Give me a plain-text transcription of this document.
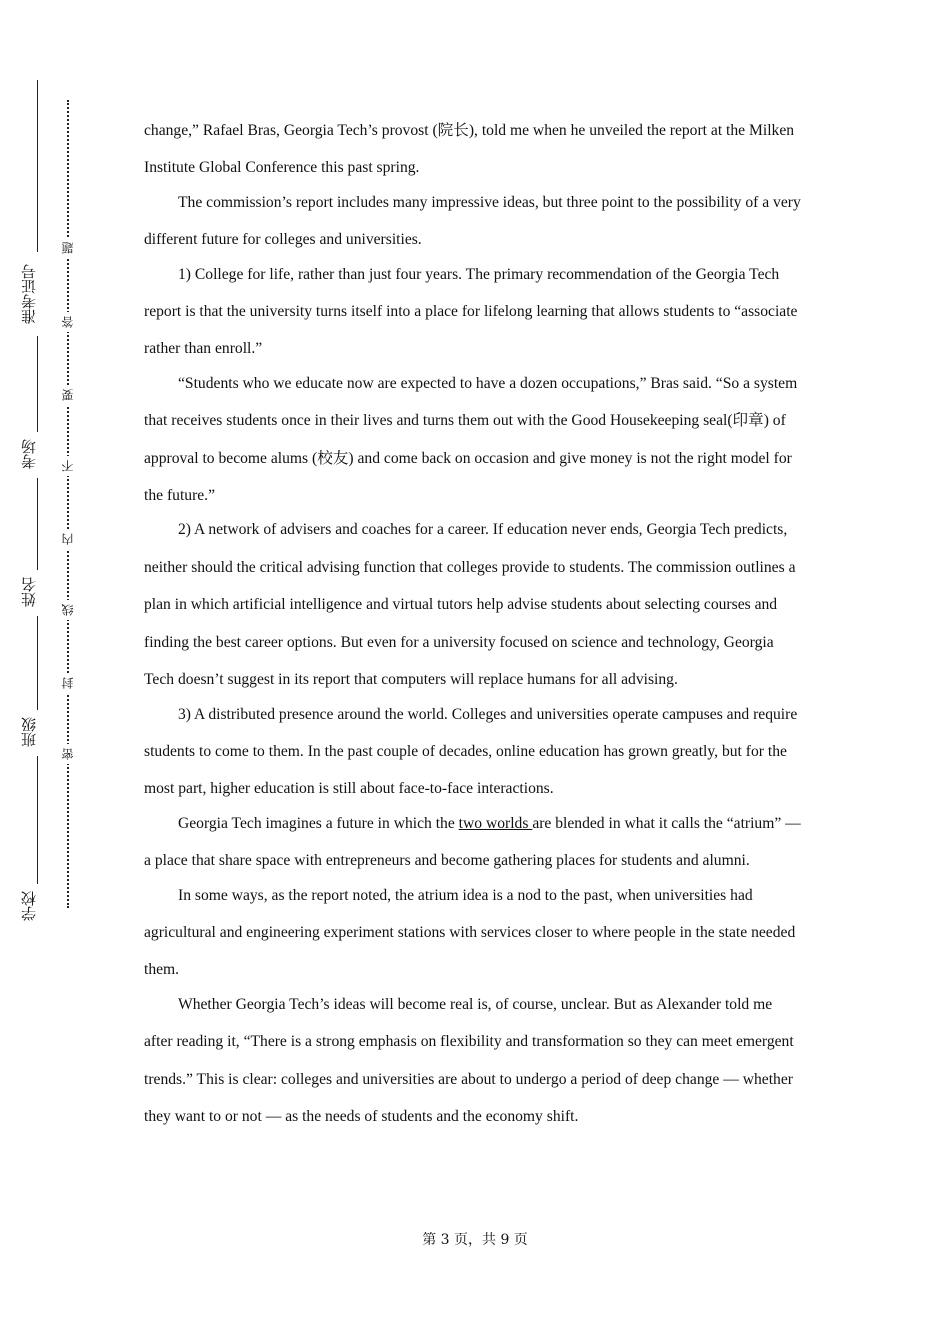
准考证号
考场
姓名
班级
学校
题
答
要
不
内
线
封
密

change,” Rafael Bras, Georgia Tech’s provost (院长), told me when he unveiled the report at the Milken Institute Global Conference this past spring.

The commission’s report includes many impressive ideas, but three point to the possibility of a very different future for colleges and universities.

1) College for life, rather than just four years. The primary recommendation of the Georgia Tech report is that the university turns itself into a place for lifelong learning that allows students to “associate rather than enroll.”

“Students who we educate now are expected to have a dozen occupations,” Bras said. “So a system that receives students once in their lives and turns them out with the Good Housekeeping seal(印章) of approval to become alums (校友) and come back on occasion and give money is not the right model for the future.”

2) A network of advisers and coaches for a career. If education never ends, Georgia Tech predicts, neither should the critical advising function that colleges provide to students. The commission outlines a plan in which artificial intelligence and virtual tutors help advise students about selecting courses and finding the best career options. But even for a university focused on science and technology, Georgia Tech doesn’t suggest in its report that computers will replace humans for all advising.

3) A distributed presence around the world. Colleges and universities operate campuses and require students to come to them. In the past couple of decades, online education has grown greatly, but for the most part, higher education is still about face-to-face interactions.

Georgia Tech imagines a future in which the two worlds are blended in what it calls the “atrium” — a place that share space with entrepreneurs and become gathering places for students and alumni.

In some ways, as the report noted, the atrium idea is a nod to the past, when universities had agricultural and engineering experiment stations with services closer to where people in the state needed them.

Whether Georgia Tech’s ideas will become real is, of course, unclear. But as Alexander told me after reading it, “There is a strong emphasis on flexibility and transformation so they can meet emergent trends.” This is clear: colleges and universities are about to undergo a period of deep change — whether they want to or not — as the needs of students and the economy shift.

第 3 页，共 9 页
